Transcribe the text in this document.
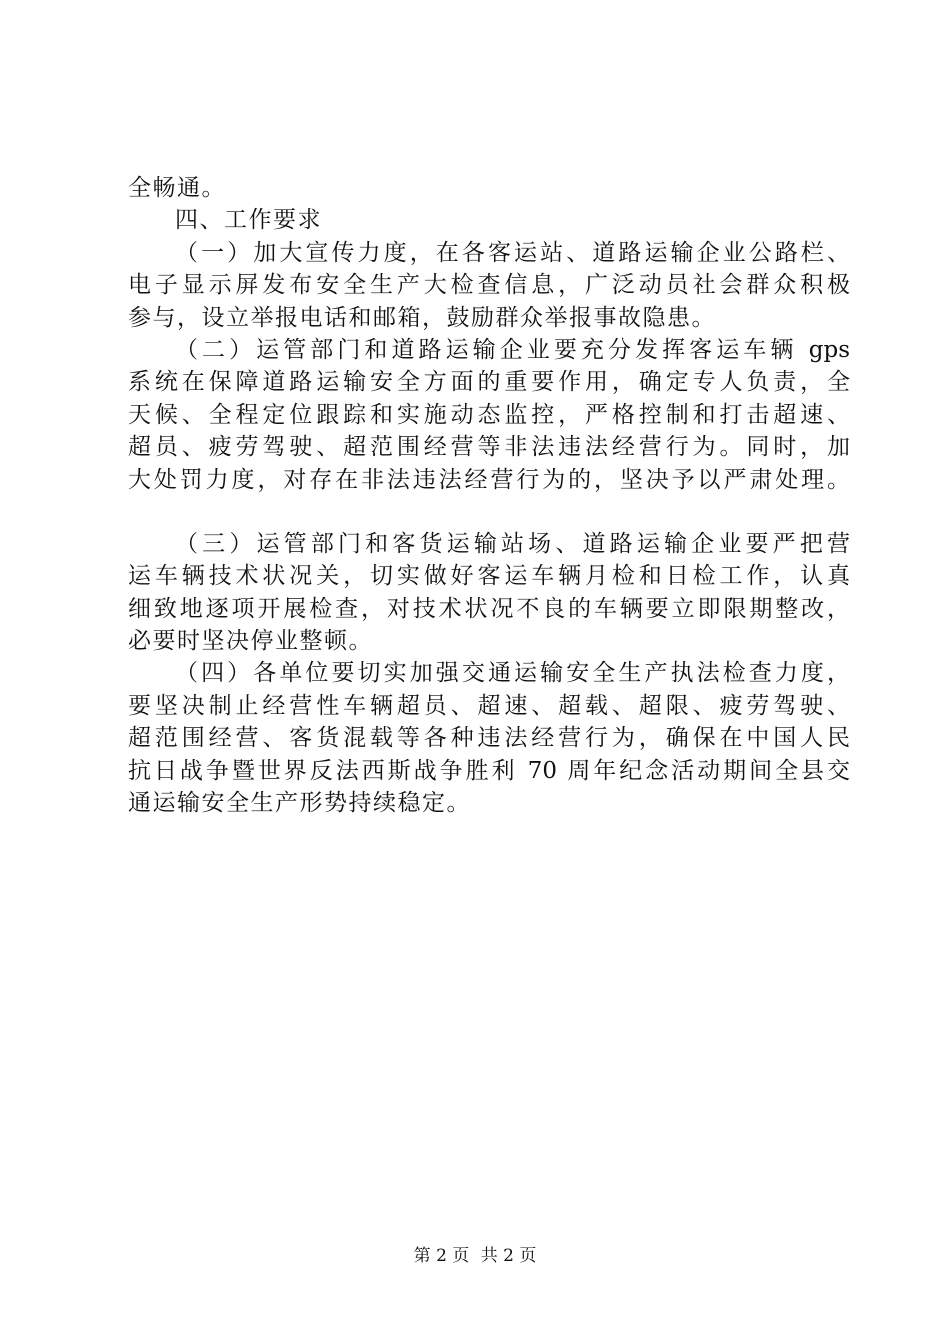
全畅通。
四、工作要求
（一）加大宣传力度，在各客运站、道路运输企业公路栏、
电子显示屏发布安全生产大检查信息，广泛动员社会群众积极
参与，设立举报电话和邮箱，鼓励群众举报事故隐患。
（二）运管部门和道路运输企业要充分发挥客运车辆 gps
系统在保障道路运输安全方面的重要作用，确定专人负责，全
天候、全程定位跟踪和实施动态监控，严格控制和打击超速、
超员、疲劳驾驶、超范围经营等非法违法经营行为。同时，加
大处罚力度，对存在非法违法经营行为的，坚决予以严肃处理。
（三）运管部门和客货运输站场、道路运输企业要严把营
运车辆技术状况关，切实做好客运车辆月检和日检工作，认真
细致地逐项开展检查，对技术状况不良的车辆要立即限期整改，
必要时坚决停业整顿。
（四）各单位要切实加强交通运输安全生产执法检查力度，
要坚决制止经营性车辆超员、超速、超载、超限、疲劳驾驶、
超范围经营、客货混载等各种违法经营行为，确保在中国人民
抗日战争暨世界反法西斯战争胜利 70 周年纪念活动期间全县交
通运输安全生产形势持续稳定。
第 2 页 共 2 页
